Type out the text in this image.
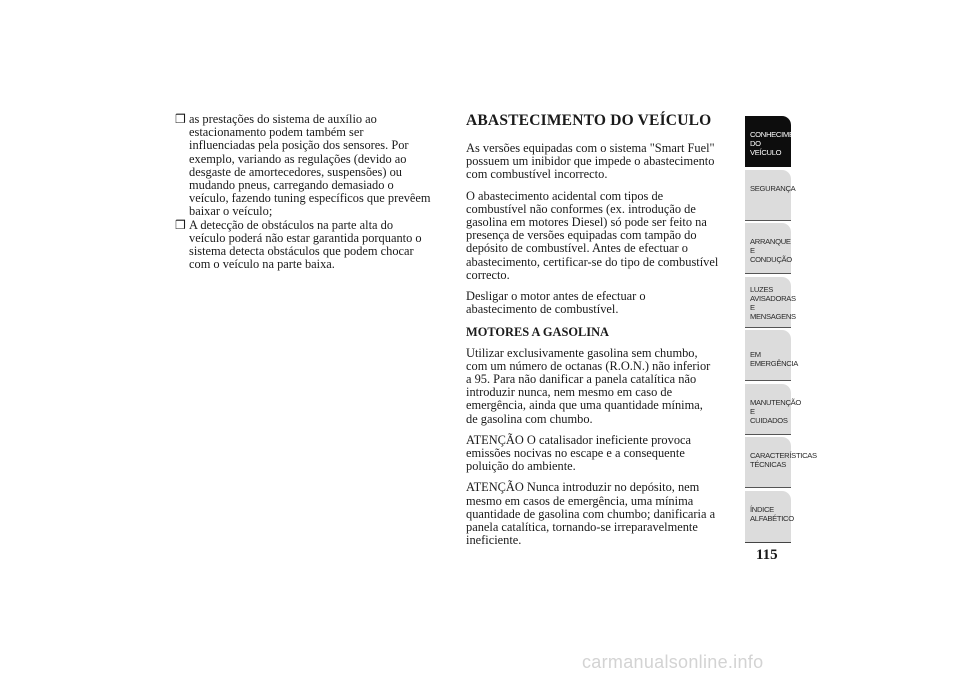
❒ as prestações do sistema de auxílio ao
estacionamento podem também ser
influenciadas pela posição dos sensores. Por
exemplo, variando as regulações (devido ao
desgaste de amortecedores, suspensões) ou
mudando pneus, carregando demasiado o
veículo, fazendo tuning específicos que prevêem
baixar o veículo;
❒ A detecção de obstáculos na parte alta do
veículo poderá não estar garantida porquanto o
sistema detecta obstáculos que podem chocar
com o veículo na parte baixa.
ABASTECIMENTO DO VEÍCULO

As versões equipadas com o sistema "Smart Fuel"
possuem um inibidor que impede o abastecimento
com combustível incorrecto.

O abastecimento acidental com tipos de
combustível não conformes (ex. introdução de
gasolina em motores Diesel) só pode ser feito na
presença de versões equipadas com tampão do
depósito de combustível. Antes de efectuar o
abastecimento, certificar-se do tipo de combustível
correcto.

Desligar o motor antes de efectuar o
abastecimento de combustível.

MOTORES A GASOLINA

Utilizar exclusivamente gasolina sem chumbo,
com um número de octanas (R.O.N.) não inferior
a 95. Para não danificar a panela catalítica não
introduzir nunca, nem mesmo em caso de
emergência, ainda que uma quantidade mínima,
de gasolina com chumbo.

ATENÇÃO O catalisador ineficiente provoca
emissões nocivas no escape e a consequente
poluição do ambiente.

ATENÇÃO Nunca introduzir no depósito, nem
mesmo em casos de emergência, uma mínima
quantidade de gasolina com chumbo; danificaria a
panela catalítica, tornando-se irreparavelmente
ineficiente.

CONHECIMENTO
DO VEÍCULO
SEGURANÇA
ARRANQUE E
CONDUÇÃO
LUZES
AVISADORAS E
MENSAGENS
EM EMERGÊNCIA
MANUTENÇÃO E
CUIDADOS
CARACTERÍSTICAS
TÉCNICAS
ÍNDICE
ALFABÉTICO
115
carmanualsonline.info
